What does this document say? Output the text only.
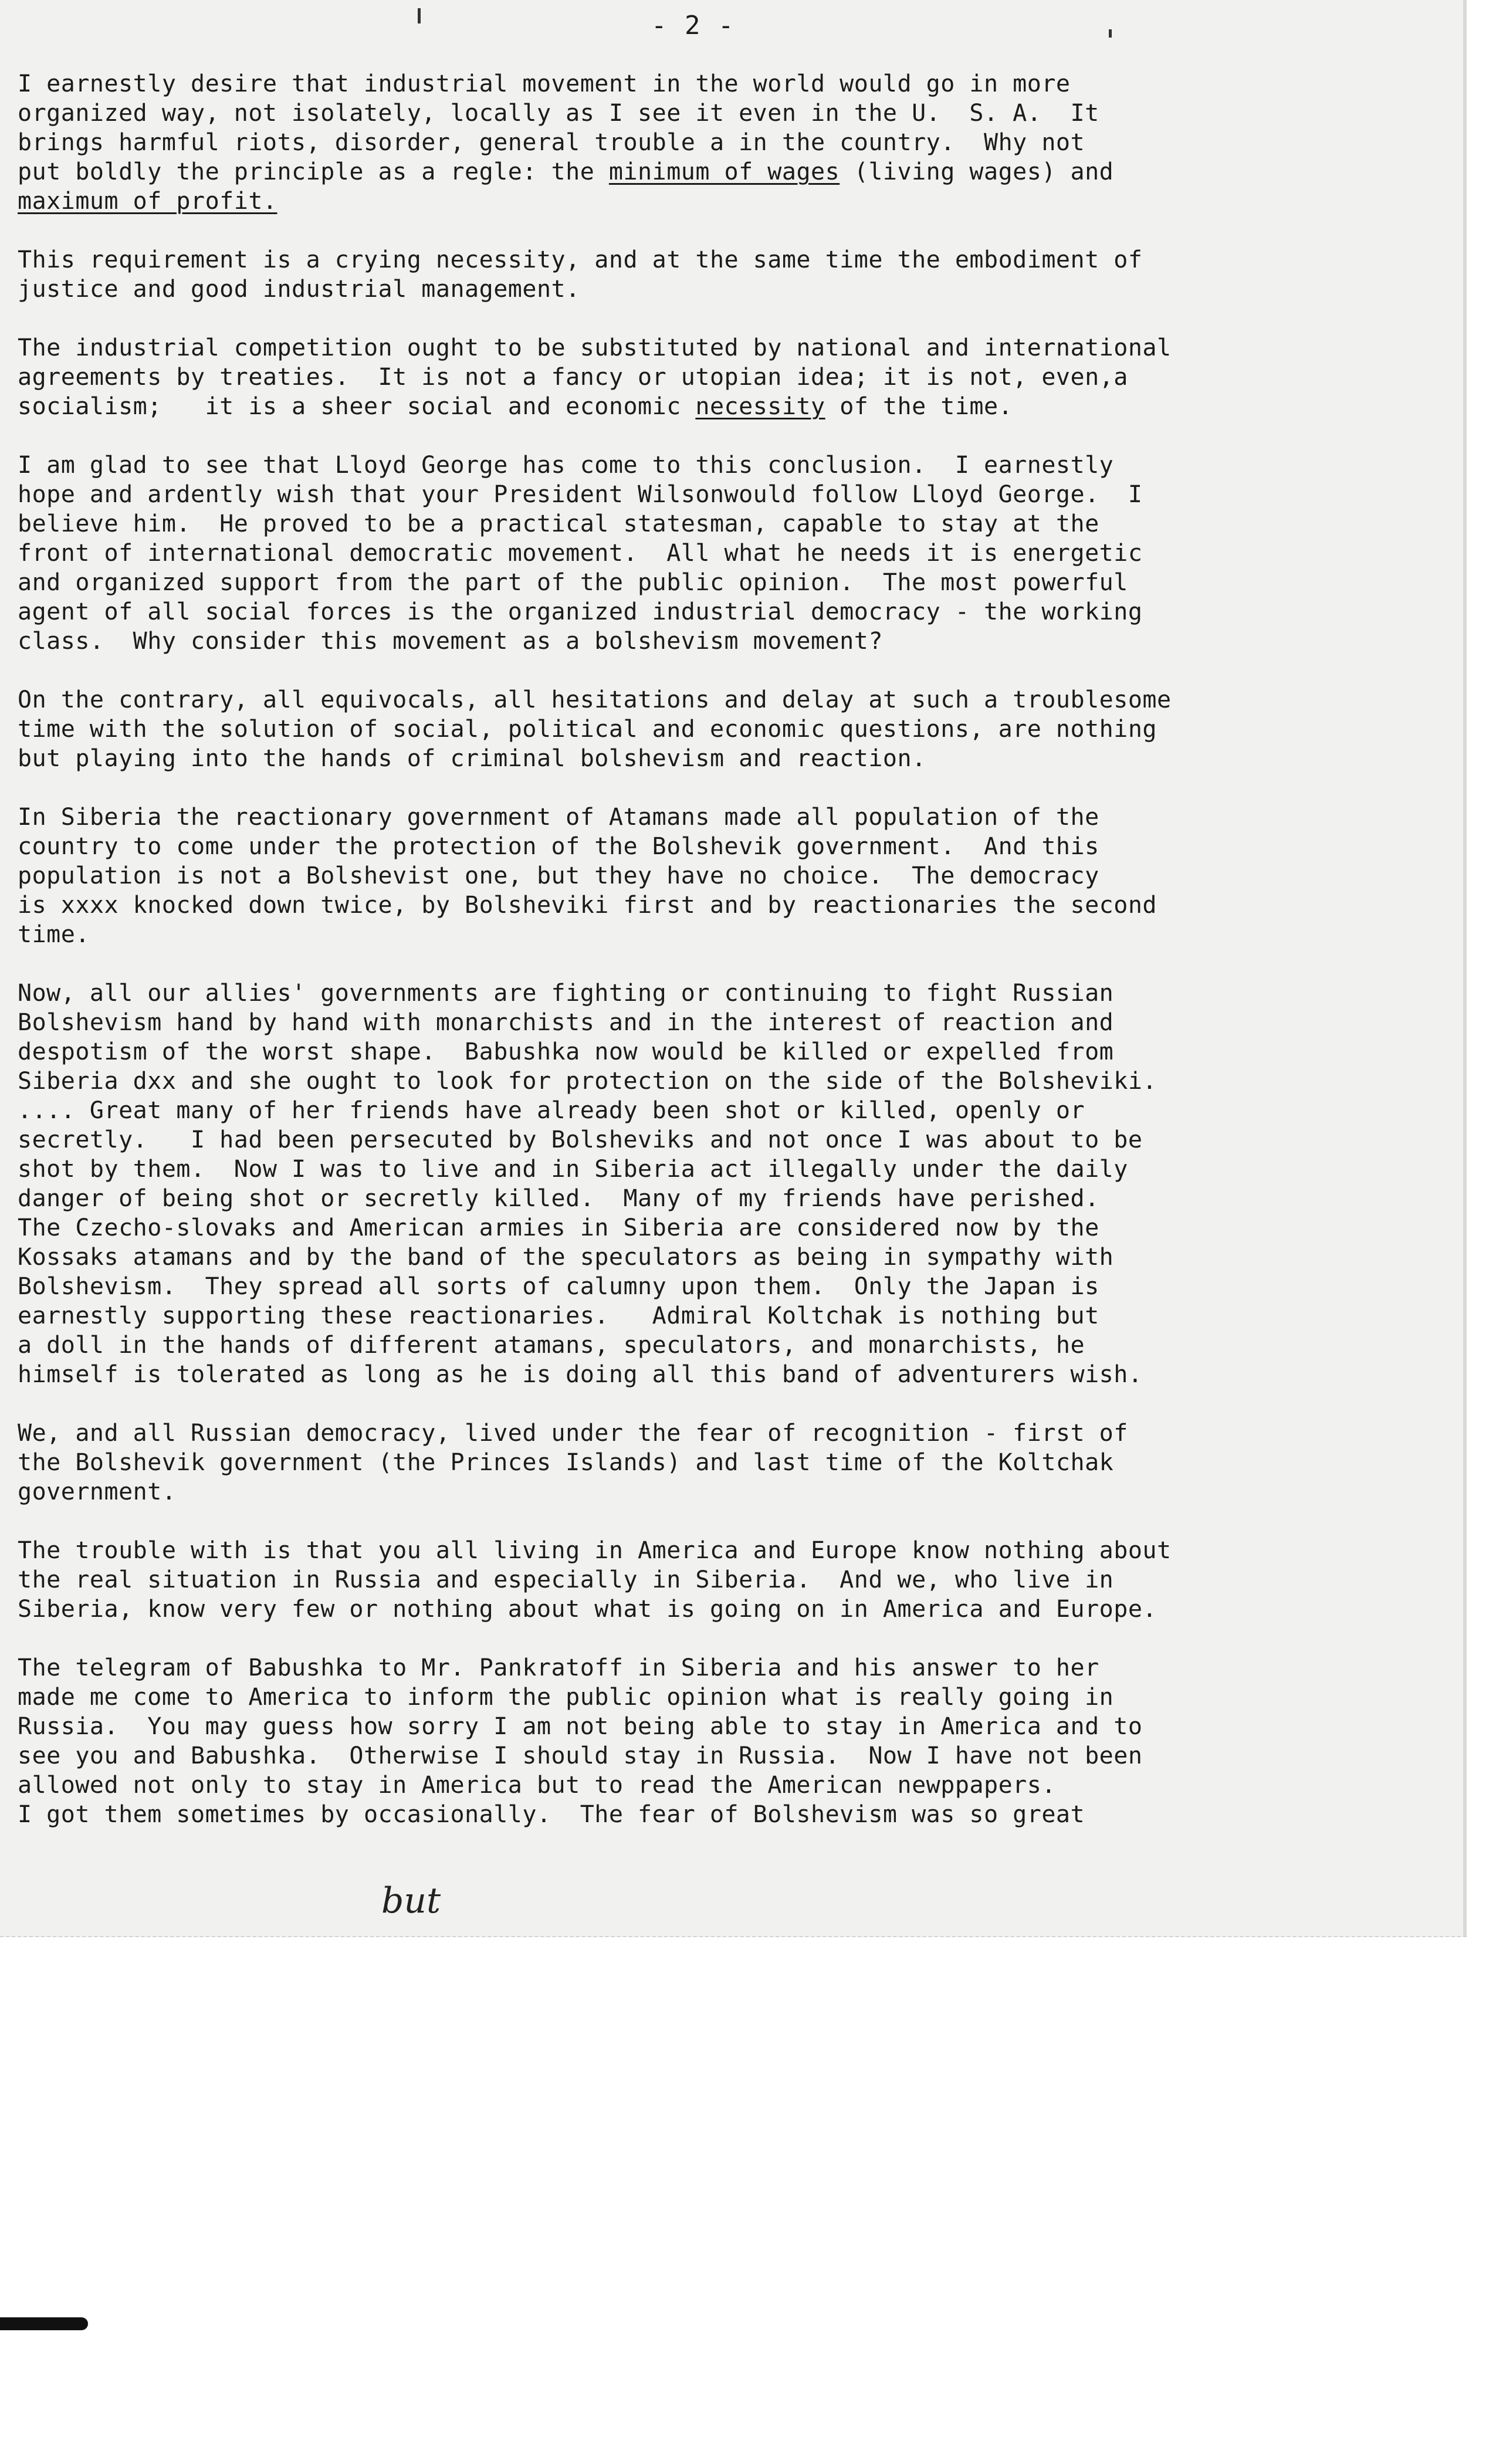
- 2 -
I earnestly desire that industrial movement in the world would go in more
organized way, not isolately, locally as I see it even in the U.  S. A.  It
brings harmful riots, disorder, general trouble a in the country.  Why not
put boldly the principle as a regle: the minimum of wages (living wages) and
maximum of profit.
This requirement is a crying necessity, and at the same time the embodiment of
justice and good industrial management.
The industrial competition ought to be substituted by national and international
agreements by treaties.  It is not a fancy or utopian idea; it is not, even,a
socialism;   it is a sheer social and economic necessity of the time.
I am glad to see that Lloyd George has come to this conclusion.  I earnestly
hope and ardently wish that your President Wilsonwould follow Lloyd George.  I
believe him.  He proved to be a practical statesman, capable to stay at the
front of international democratic movement.  All what he needs it is energetic
and organized support from the part of the public opinion.  The most powerful
agent of all social forces is the organized industrial democracy - the working
class.  Why consider this movement as a bolshevism movement?
On the contrary, all equivocals, all hesitations and delay at such a troublesome
time with the solution of social, political and economic questions, are nothing
but playing into the hands of criminal bolshevism and reaction.
In Siberia the reactionary government of Atamans made all population of the
country to come under the protection of the Bolshevik government.  And this
population is not a Bolshevist one, but they have no choice.  The democracy
is xxxx knocked down twice, by Bolsheviki first and by reactionaries the second
time.
Now, all our allies' governments are fighting or continuing to fight Russian
Bolshevism hand by hand with monarchists and in the interest of reaction and
despotism of the worst shape.  Babushka now would be killed or expelled from
Siberia dxx and she ought to look for protection on the side of the Bolsheviki.
.... Great many of her friends have already been shot or killed, openly or
secretly.   I had been persecuted by Bolsheviks and not once I was about to be
shot by them.  Now I was to live and in Siberia act illegally under the daily
danger of being shot or secretly killed.  Many of my friends have perished.
The Czecho-slovaks and American armies in Siberia are considered now by the
Kossaks atamans and by the band of the speculators as being in sympathy with
Bolshevism.  They spread all sorts of calumny upon them.  Only the Japan is
earnestly supporting these reactionaries.   Admiral Koltchak is nothing but
a doll in the hands of different atamans, speculators, and monarchists, he
himself is tolerated as long as he is doing all this band of adventurers wish.
We, and all Russian democracy, lived under the fear of recognition - first of
the Bolshevik government (the Princes Islands) and last time of the Koltchak
government.
The trouble with is that you all living in America and Europe know nothing about
the real situation in Russia and especially in Siberia.  And we, who live in
Siberia, know very few or nothing about what is going on in America and Europe.
The telegram of Babushka to Mr. Pankratoff in Siberia and his answer to her
made me come to America to inform the public opinion what is really going in
Russia.  You may guess how sorry I am not being able to stay in America and to
see you and Babushka.  Otherwise I should stay in Russia.  Now I have not been
allowed not only to stay in America but to read the American newppapers.
I got them sometimes by occasionally.  The fear of Bolshevism was so great
but
